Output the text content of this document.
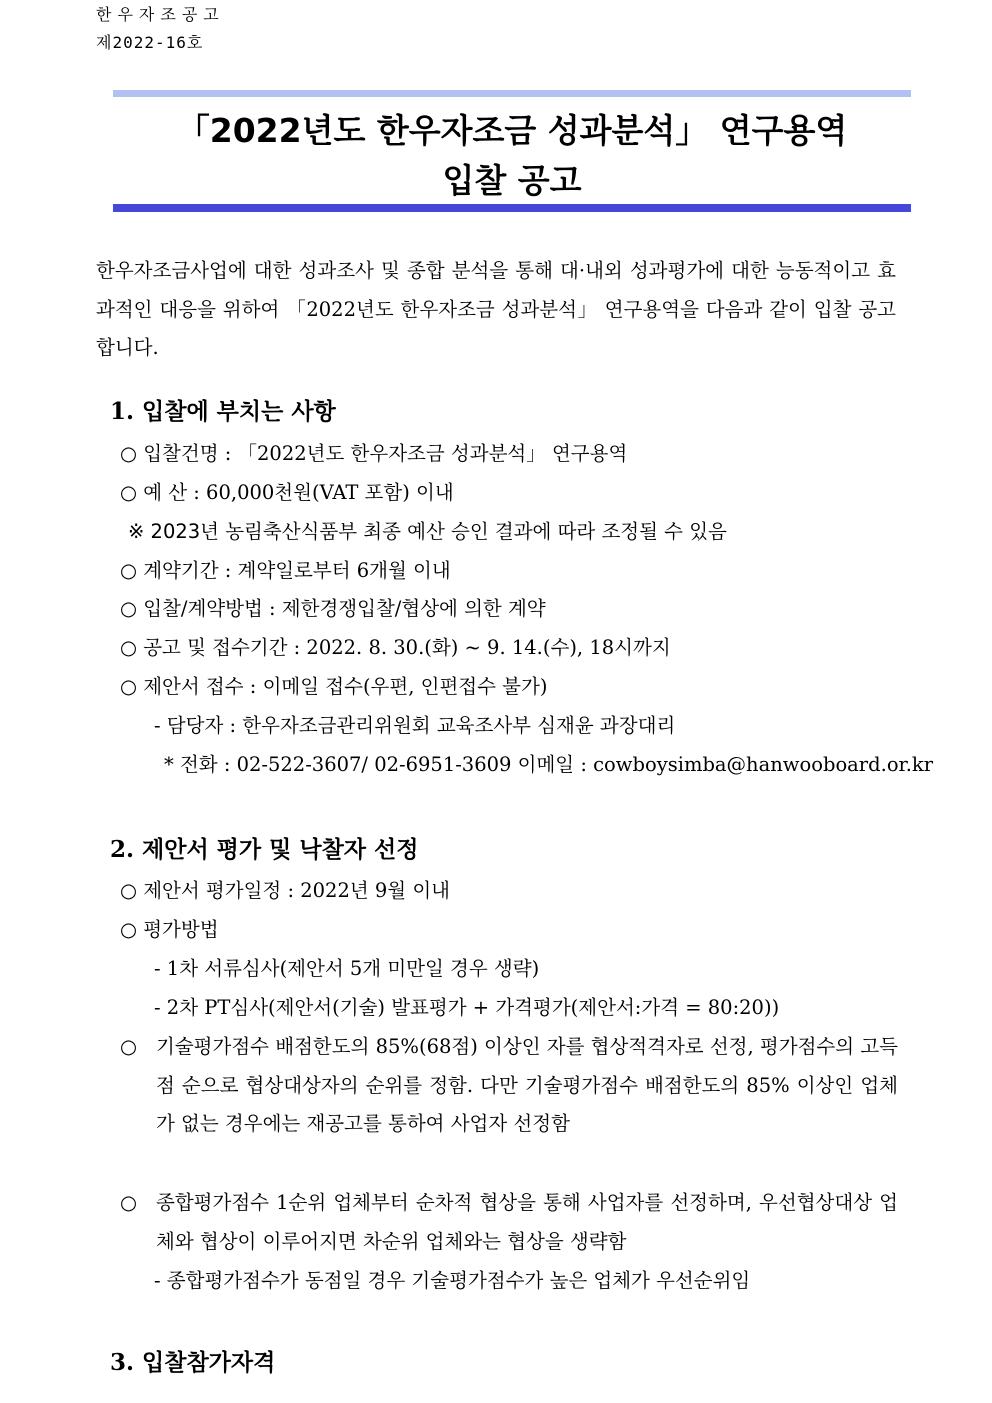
한우자조공고
제2022-16호
「2022년도 한우자조금 성과분석」 연구용역
입찰 공고
한우자조금사업에 대한 성과조사 및 종합 분석을 통해 대·내외 성과평가에 대한 능동적이고 효과적인 대응을 위하여 「2022년도 한우자조금 성과분석」 연구용역을 다음과 같이 입찰 공고합니다.
1. 입찰에 부치는 사항
○ 입찰건명 : 「2022년도 한우자조금 성과분석」 연구용역
○ 예 산 : 60,000천원(VAT 포함) 이내
※ 2023년 농림축산식품부 최종 예산 승인 결과에 따라 조정될 수 있음
○ 계약기간 : 계약일로부터 6개월 이내
○ 입찰/계약방법 : 제한경쟁입찰/협상에 의한 계약
○ 공고 및 접수기간 : 2022. 8. 30.(화) ~ 9. 14.(수), 18시까지
○ 제안서 접수 : 이메일 접수(우편, 인편접수 불가)
- 담당자 : 한우자조금관리위원회 교육조사부 심재윤 과장대리
* 전화 : 02-522-3607/ 02-6951-3609 이메일 : cowboysimba@hanwooboard.or.kr
2. 제안서 평가 및 낙찰자 선정
○ 제안서 평가일정 : 2022년 9월 이내
○ 평가방법
- 1차 서류심사(제안서 5개 미만일 경우 생략)
- 2차 PT심사(제안서(기술) 발표평가 + 가격평가(제안서:가격 = 80:20))
○ 기술평가점수 배점한도의 85%(68점) 이상인 자를 협상적격자로 선정, 평가점수의 고득점 순으로 협상대상자의 순위를 정함. 다만 기술평가점수 배점한도의 85% 이상인 업체가 없는 경우에는 재공고를 통하여 사업자 선정함
○ 종합평가점수 1순위 업체부터 순차적 협상을 통해 사업자를 선정하며, 우선협상대상 업체와 협상이 이루어지면 차순위 업체와는 협상을 생략함
- 종합평가점수가 동점일 경우 기술평가점수가 높은 업체가 우선순위임
3. 입찰참가자격
